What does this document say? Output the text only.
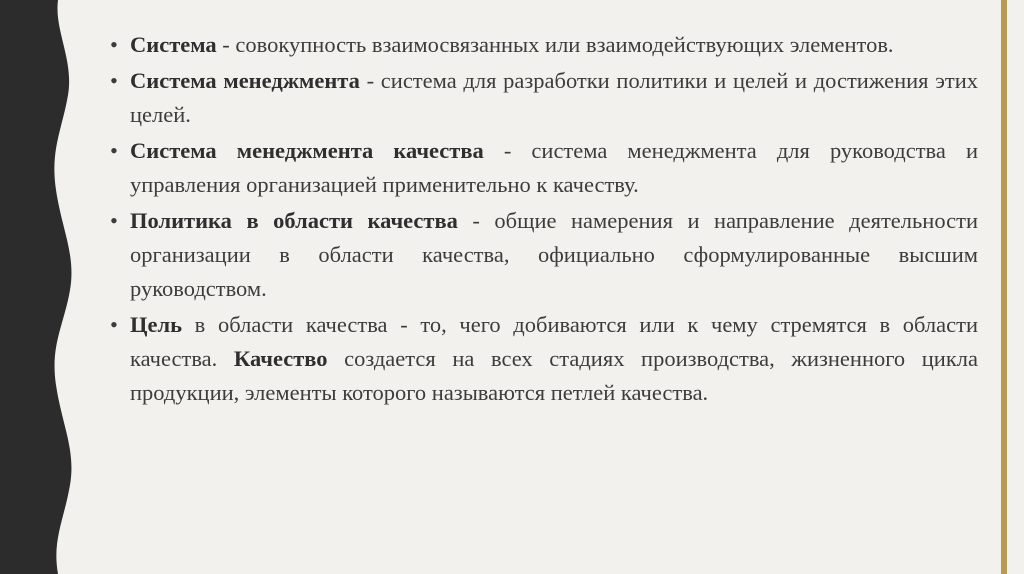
• Система - совокупность взаимосвязанных или взаимодействующих элементов.
• Система менеджмента - система для разработки политики и целей и достижения этих целей.
• Система менеджмента качества - система менеджмента для руководства и управления организацией применительно к качеству.
• Политика в области качества - общие намерения и направление деятельности организации в области качества, официально сформулированные высшим руководством.
• Цель в области качества - то, чего добиваются или к чему стремятся в области качества. Качество создается на всех стадиях производства, жизненного цикла продукции, элементы которого называются петлей качества.
